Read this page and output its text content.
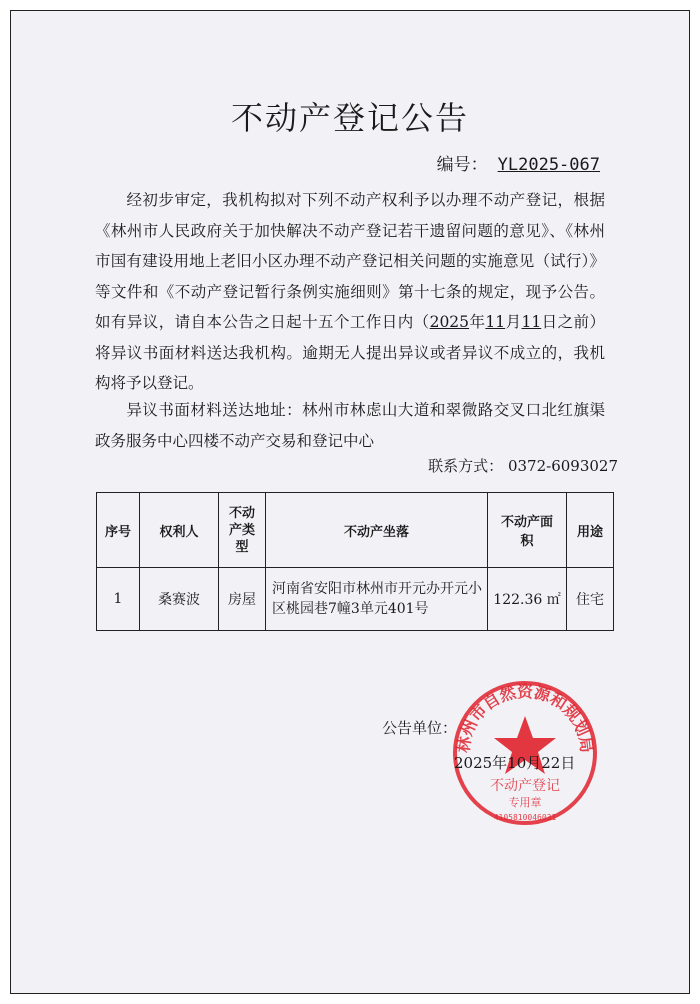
不动产登记公告
编号： YL2025-067
经初步审定，我机构拟对下列不动产权利予以办理不动产登记，根据《林州市人民政府关于加快解决不动产登记若干遗留问题的意见》、《林州市国有建设用地上老旧小区办理不动产登记相关问题的实施意见（试行）》等文件和《不动产登记暂行条例实施细则》第十七条的规定，现予公告。如有异议，请自本公告之日起十五个工作日内（2025年11月11日之前）将异议书面材料送达我机构。逾期无人提出异议或者异议不成立的，我机构将予以登记。
异议书面材料送达地址：林州市林虑山大道和翠微路交叉口北红旗渠政务服务中心四楼不动产交易和登记中心
联系方式： 0372-6093027
序号	权利人	不动产类型	不动产坐落	不动产面积	用途
1	桑赛波	房屋	河南省安阳市林州市开元办开元小区桃园巷7幢3单元401号	122.36 ㎡	住宅
公告单位：
林州市自然资源和规划局
不动产登记
专用章
4105810046031
2025年10月22日
